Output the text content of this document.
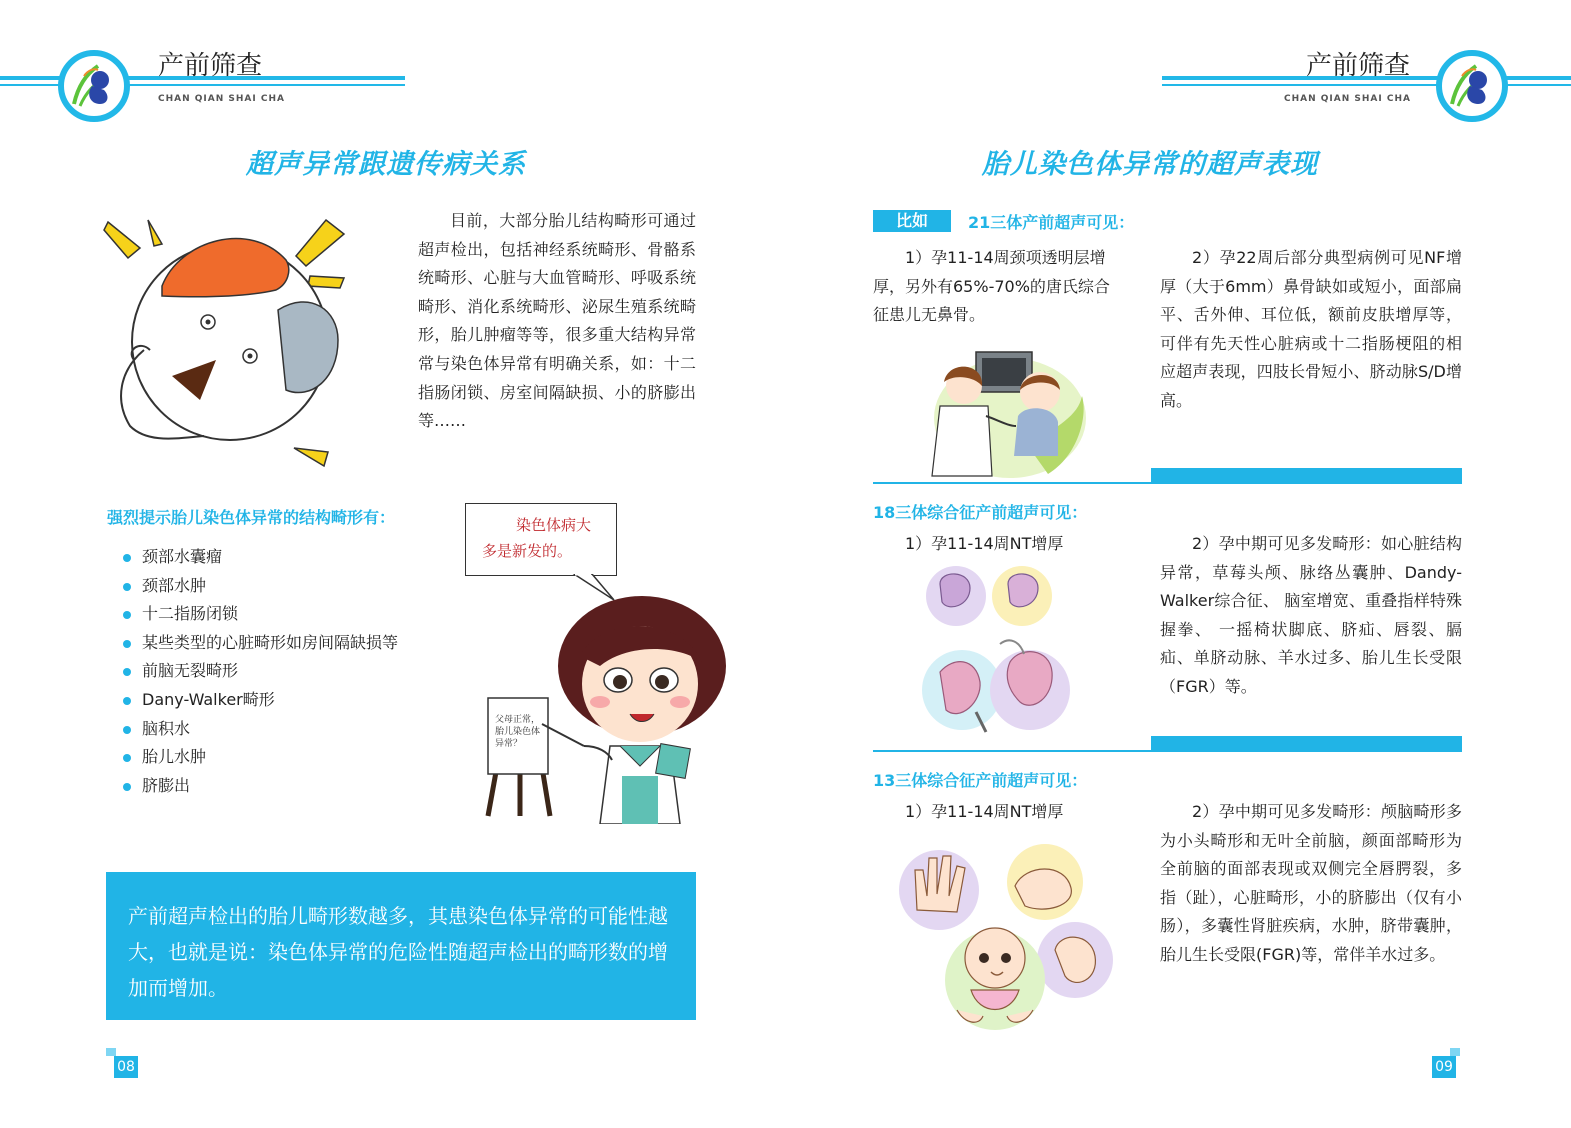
产前筛查
CHAN QIAN SHAI CHA
产前筛查
CHAN QIAN SHAI CHA
超声异常跟遗传病关系

目前，大部分胎儿结构畸形可通过超声检出，包括神经系统畸形、骨骼系统畸形、心脏与大血管畸形、呼吸系统畸形、消化系统畸形、泌尿生殖系统畸形，胎儿肿瘤等等，很多重大结构异常常与染色体异常有明确关系，如：十二指肠闭锁、房室间隔缺损、小的脐膨出等……

强烈提示胎儿染色体异常的结构畸形有：
颈部水囊瘤
颈部水肿
十二指肠闭锁
某些类型的心脏畸形如房间隔缺损等
前脑无裂畸形
Dany-Walker畸形
脑积水
胎儿水肿
脐膨出
染色体病大
多是新发的。
父母正常，胎儿染色体异常？
产前超声检出的胎儿畸形数越多，其患染色体异常的可能性越大，也就是说：染色体异常的危险性随超声检出的畸形数的增加而增加。
08
胎儿染色体异常的超声表现
比如	21三体产前超声可见：

1）孕11-14周颈项透明层增厚，另外有65%-70%的唐氏综合征患儿无鼻骨。

2）孕22周后部分典型病例可见NF增厚（大于6mm）鼻骨缺如或短小，面部扁平、舌外伸、耳位低，额前皮肤增厚等，可伴有先天性心脏病或十二指肠梗阻的相应超声表现，四肢长骨短小、脐动脉S/D增高。

18三体综合征产前超声可见：

1）孕11-14周NT增厚	2）孕中期可见多发畸形：如心脏结构异常，草莓头颅、脉络丛囊肿、Dandy-Walker综合征、 脑室增宽、重叠指样特殊握拳、 一摇椅状脚底、脐疝、唇裂、膈疝、单脐动脉、羊水过多、胎儿生长受限（FGR）等。

13三体综合征产前超声可见：

1）孕11-14周NT增厚	2）孕中期可见多发畸形：颅脑畸形多为小头畸形和无叶全前脑，颜面部畸形为全前脑的面部表现或双侧完全唇腭裂，多指（趾），心脏畸形，小的脐膨出（仅有小肠），多囊性肾脏疾病，水肿，脐带囊肿，胎儿生长受限(FGR)等，常伴羊水过多。

09
